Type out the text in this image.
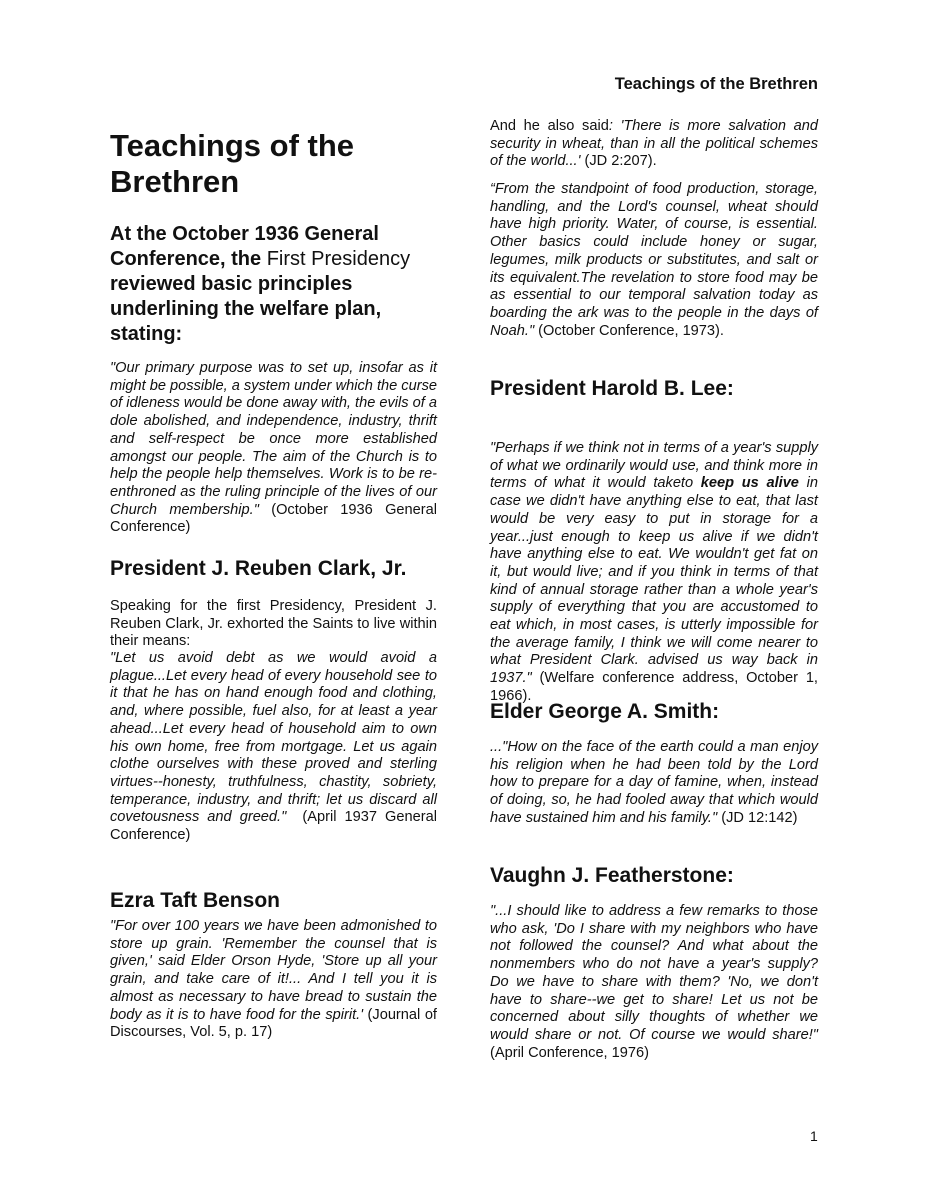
Teachings of the Brethren
Teachings of the
Brethren

At the October 1936 General Conference, the First Presidency reviewed basic principles underlining the welfare plan, stating:

"Our primary purpose was to set up, insofar as it might be possible, a system under which the curse of idleness would be done away with, the evils of a dole abolished, and independence, industry, thrift and self-respect be once more established amongst our people. The aim of the Church is to help the people help themselves. Work is to be re-enthroned as the ruling principle of the lives of our Church membership." (October 1936 General Conference)

President J. Reuben Clark, Jr.

Speaking for the first Presidency, President J. Reuben Clark, Jr. exhorted the Saints to live within their means:

"Let us avoid debt as we would avoid a plague...Let every head of every household see to it that he has on hand enough food and clothing, and, where possible, fuel also, for at least a year ahead...Let every head of household aim to own his own home, free from mortgage. Let us again clothe ourselves with these proved and sterling virtues--honesty, truthfulness, chastity, sobriety, temperance, industry, and thrift; let us discard all covetousness and greed."  (April 1937 General Conference)

Ezra Taft Benson

"For over 100 years we have been admonished to store up grain. 'Remember the counsel that is given,' said Elder Orson Hyde, 'Store up all your grain, and take care of it!... And I tell you it is almost as necessary to have bread to sustain the body as it is to have food for the spirit.' (Journal of Discourses, Vol. 5, p. 17)

And he also said: 'There is more salvation and security in wheat, than in all the political schemes of the world...' (JD 2:207).

“From the standpoint of food production, storage, handling, and the Lord's counsel, wheat should have high priority. Water, of course, is essential. Other basics could include honey or sugar, legumes, milk products or substitutes, and salt or its equivalent.The revelation to store food may be as essential to our temporal salvation today as boarding the ark was to the people in the days of Noah." (October Conference, 1973).

President Harold B. Lee:

"Perhaps if we think not in terms of a year's supply of what we ordinarily would use, and think more in terms of what it would taketo keep us alive in case we didn't have anything else to eat, that last would be very easy to put in storage for a year...just enough to keep us alive if we didn't have anything else to eat. We wouldn't get fat on it, but would live; and if you think in terms of that kind of annual storage rather than a whole year's supply of everything that you are accustomed to eat which, in most cases, is utterly impossible for the average family, I think we will come nearer to what President Clark. advised us way back in 1937." (Welfare conference address, October 1, 1966).

Elder George A. Smith:

..."How on the face of the earth could a man enjoy his religion when he had been told by the Lord how to prepare for a day of famine, when, instead of doing, so, he had fooled away that which would have sustained him and his family." (JD 12:142)

Vaughn J. Featherstone:

"...I should like to address a few remarks to those who ask, 'Do I share with my neighbors who have not followed the counsel? And what about the nonmembers who do not have a year's supply? Do we have to share with them? 'No, we don't have to share--we get to share! Let us not be concerned about silly thoughts of whether we would share or not. Of course we would share!" (April Conference, 1976)

1
